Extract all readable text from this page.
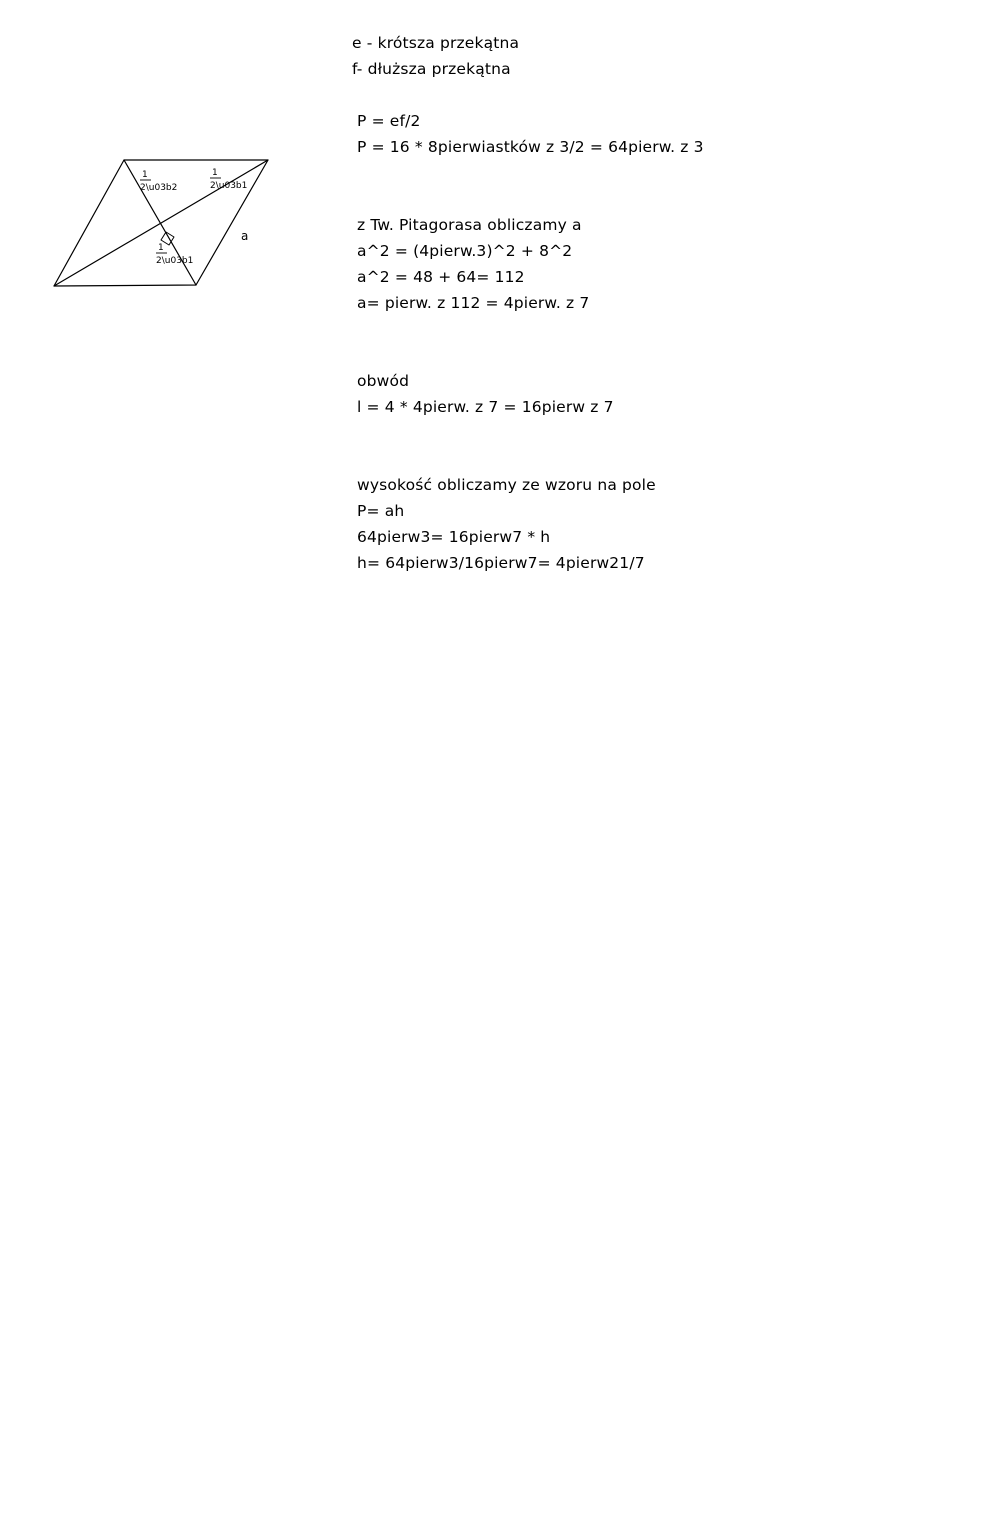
1
2\u03b2
1
2\u03b1
1
2\u03b1
a
e - krótsza przekątna
f- dłuższa przekątna
P = ef/2
P = 16 * 8pierwiastków z 3/2 = 64pierw. z 3
z Tw. Pitagorasa obliczamy a
a^2 = (4pierw.3)^2 + 8^2
a^2 = 48 + 64= 112
a= pierw. z 112 = 4pierw. z 7
obwód
l = 4 * 4pierw. z 7 = 16pierw z 7
wysokość obliczamy ze wzoru na pole
P= ah
64pierw3= 16pierw7 * h
h= 64pierw3/16pierw7= 4pierw21/7
